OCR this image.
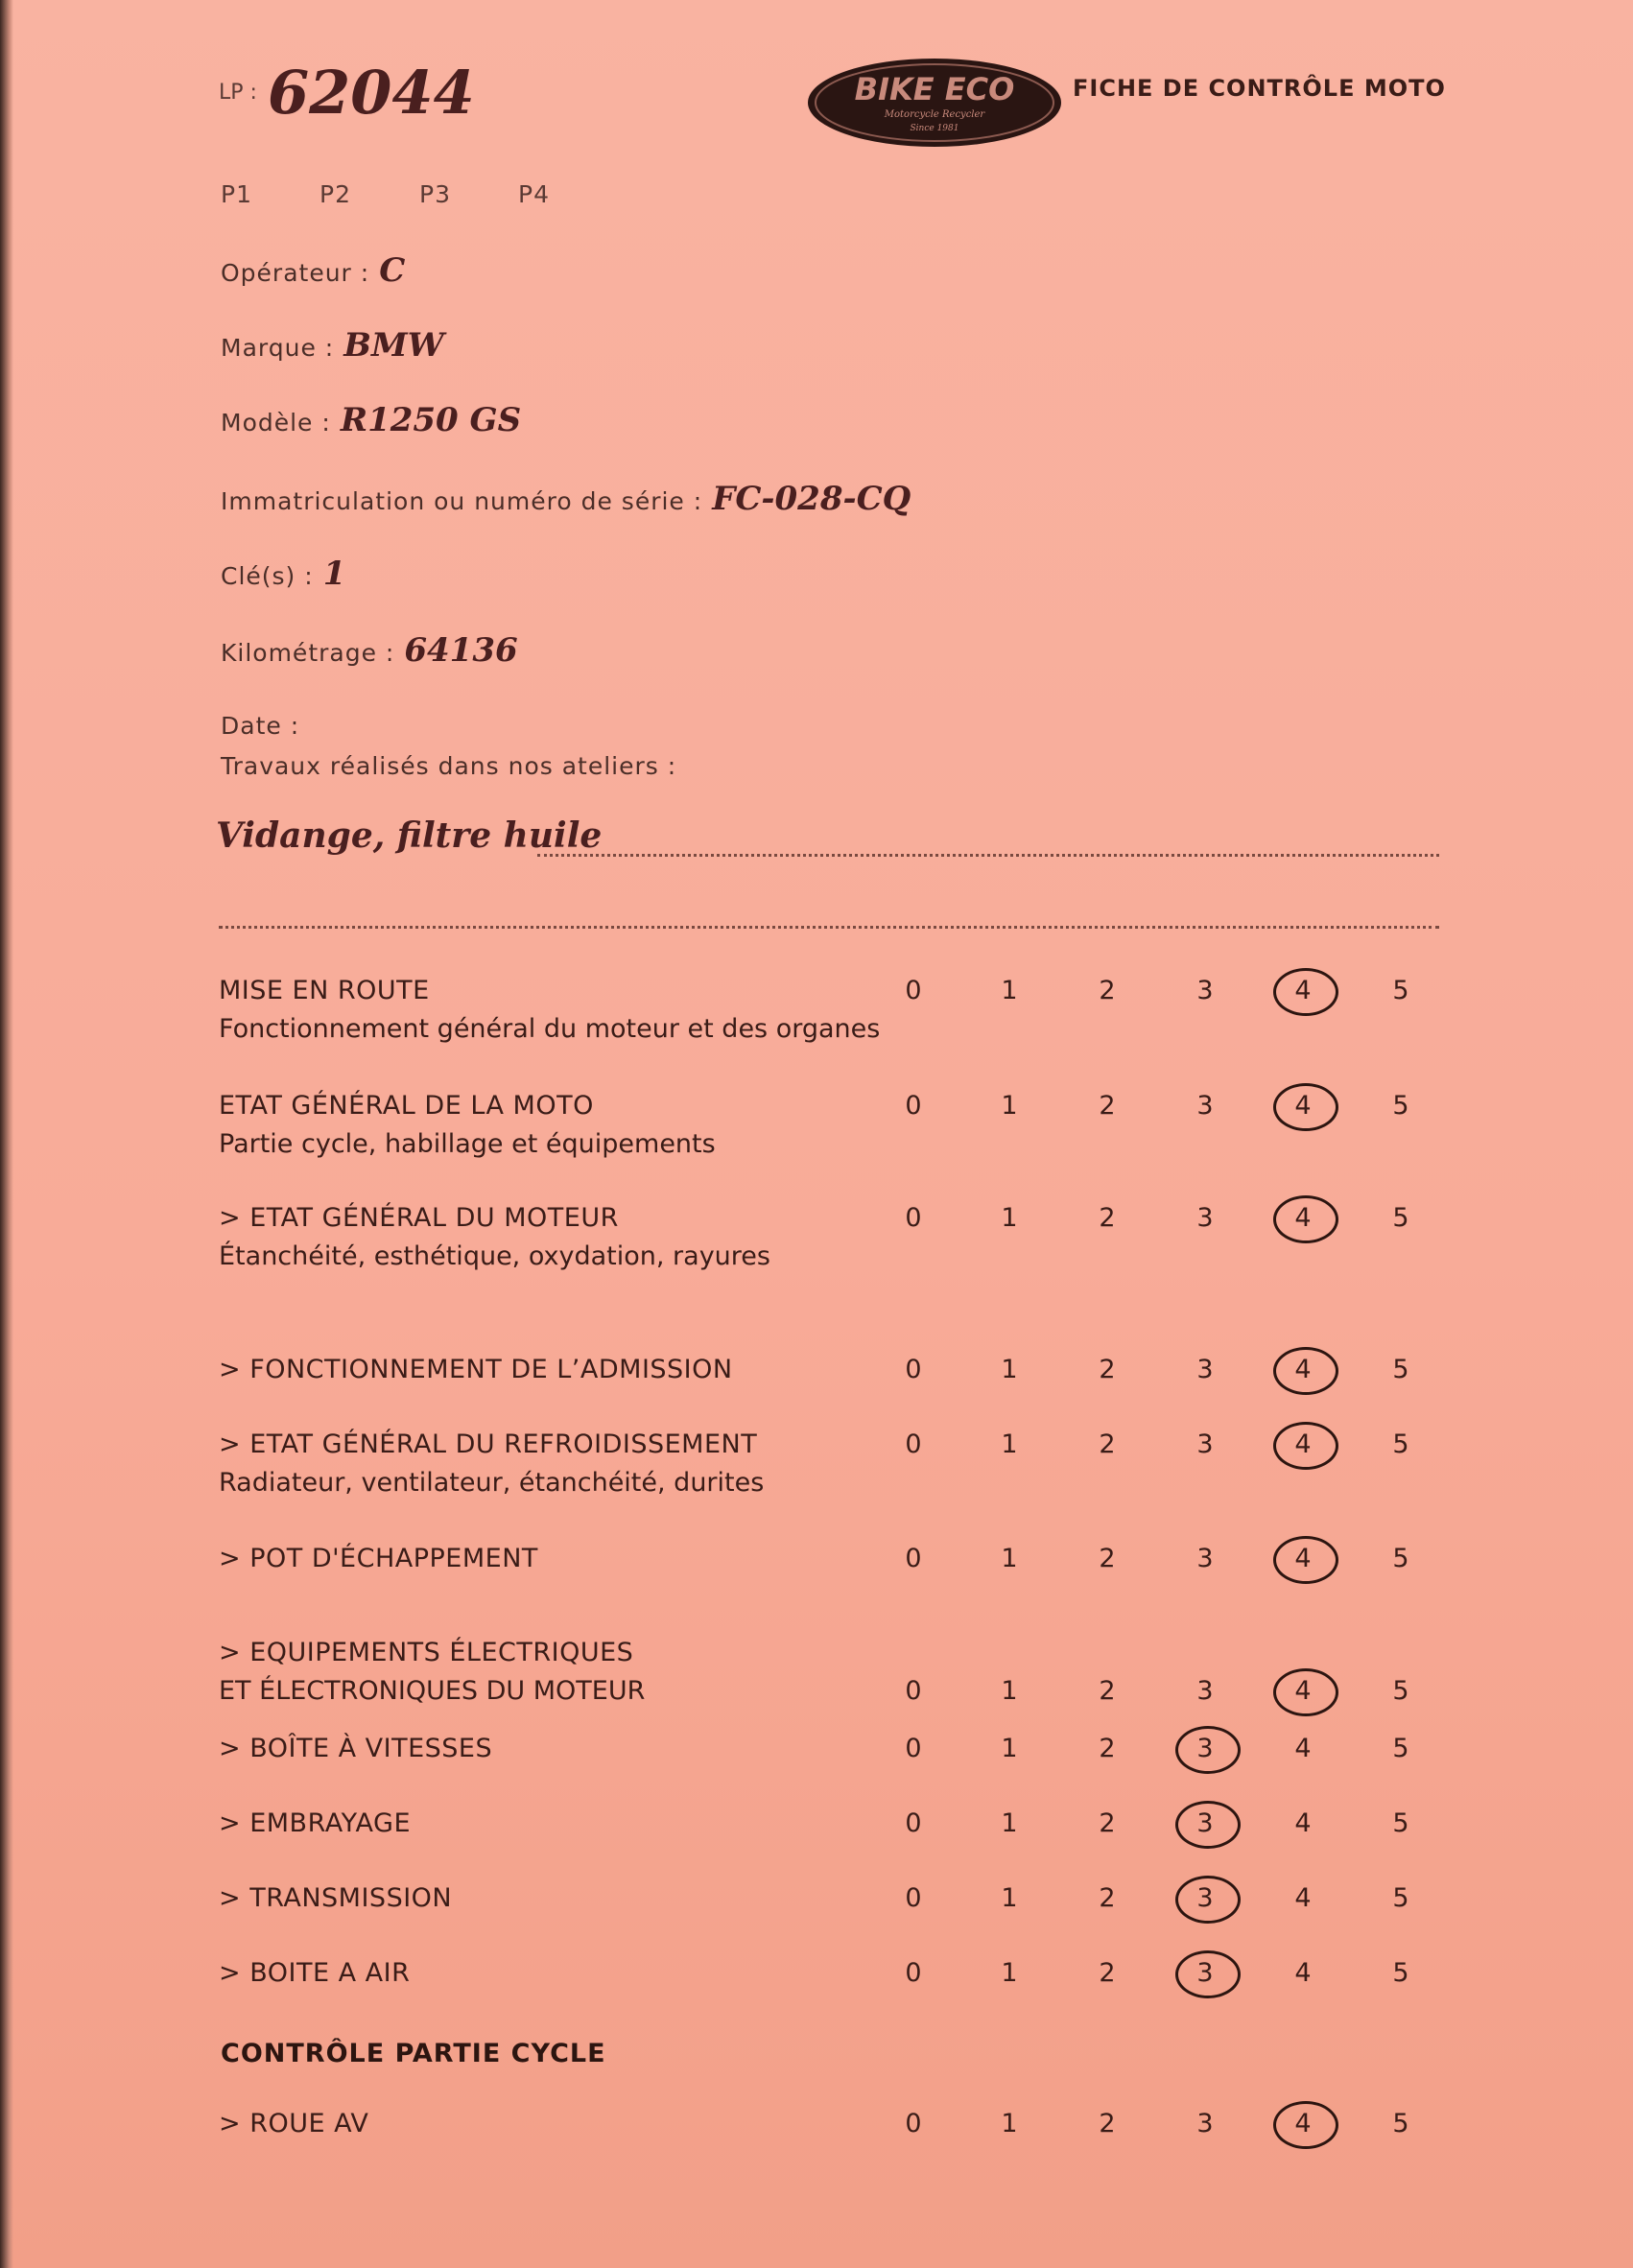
BIKE ECO
Motorcycle Recycler
Since 1981
FICHE DE CONTRÔLE MOTO
LP : 62044
P1	P2	P3	P4
Opérateur : C
Marque : BMW
Modèle : R1250 GS
Immatriculation ou numéro de série : FC-028-CQ
Clé(s) : 1
Kilométrage : 64136
Date :
Travaux réalisés dans nos ateliers :
Vidange, filtre huile
MISE EN ROUTE
Fonctionnement général du moteur et des organes
0	1	2	3	4	5
ETAT GÉNÉRAL DE LA MOTO
Partie cycle, habillage et équipements
0	1	2	3	4	5
> ETAT GÉNÉRAL DU MOTEUR
Étanchéité, esthétique, oxydation, rayures
0	1	2	3	4	5
> FONCTIONNEMENT DE L’ADMISSION	0	1	2	3	4	5
> ETAT GÉNÉRAL DU REFROIDISSEMENT
Radiateur, ventilateur, étanchéité, durites
0	1	2	3	4	5
> POT D'ÉCHAPPEMENT	0	1	2	3	4	5
> EQUIPEMENTS ÉLECTRIQUES
ET ÉLECTRONIQUES DU MOTEUR	0	1	2	3	4	5
> BOÎTE À VITESSES	0	1	2	3	4	5
> EMBRAYAGE	0	1	2	3	4	5
> TRANSMISSION	0	1	2	3	4	5
> BOITE A AIR	0	1	2	3	4	5
CONTRÔLE PARTIE CYCLE
> ROUE AV	0	1	2	3	4	5
